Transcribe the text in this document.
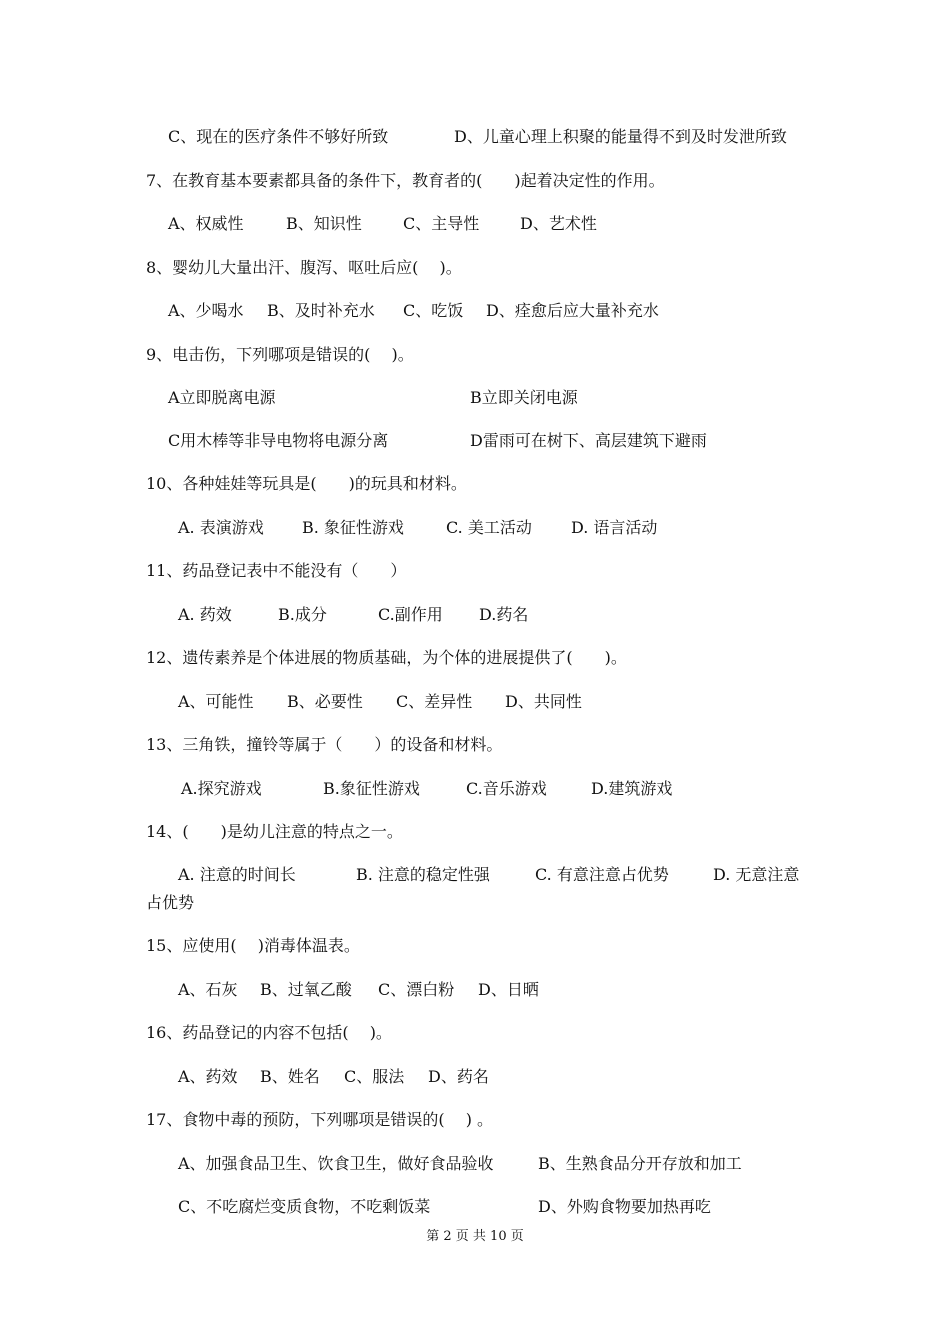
C、现在的医疗条件不够好所致	D、儿童心理上积聚的能量得不到及时发泄所致
7、在教育基本要素都具备的条件下，教育者的(　　)起着决定性的作用。
A、权威性	B、知识性	C、主导性	D、艺术性
8、婴幼儿大量出汗、腹泻、呕吐后应(　 )。
A、少喝水 B、及时补充水 C、吃饭 D、痊愈后应大量补充水
9、电击伤，下列哪项是错误的(　 )。
A立即脱离电源	B立即关闭电源
C用木棒等非导电物将电源分离	D雷雨可在树下、高层建筑下避雨
10、各种娃娃等玩具是(　　)的玩具和材料。
A. 表演游戏 B. 象征性游戏	C. 美工活动 D. 语言活动
11、药品登记表中不能没有（　　）
A. 药效	B.成分	C.副作用 D.药名
12、遗传素养是个体进展的物质基础，为个体的进展提供了(　　)。
A、可能性 B、必要性 C、差异性 D、共同性
13、三角铁，撞铃等属于（　　）的设备和材料。
A.探究游戏	B.象征性游戏	C.音乐游戏	D.建筑游戏
14、(　　)是幼儿注意的特点之一。
A. 注意的时间长	B. 注意的稳定性强	C. 有意注意占优势	D. 无意注意
占优势
15、应使用(　 )消毒体温表。
A、石灰 B、过氧乙酸 C、漂白粉 D、日晒
16、药品登记的内容不包括(　 )。
A、药效 B、姓名 C、服法 D、药名
17、食物中毒的预防，下列哪项是错误的(　 ) 。
A、加强食品卫生、饮食卫生，做好食品验收	B、生熟食品分开存放和加工
C、不吃腐烂变质食物，不吃剩饭菜	D、外购食物要加热再吃
第 2 页 共 10 页
